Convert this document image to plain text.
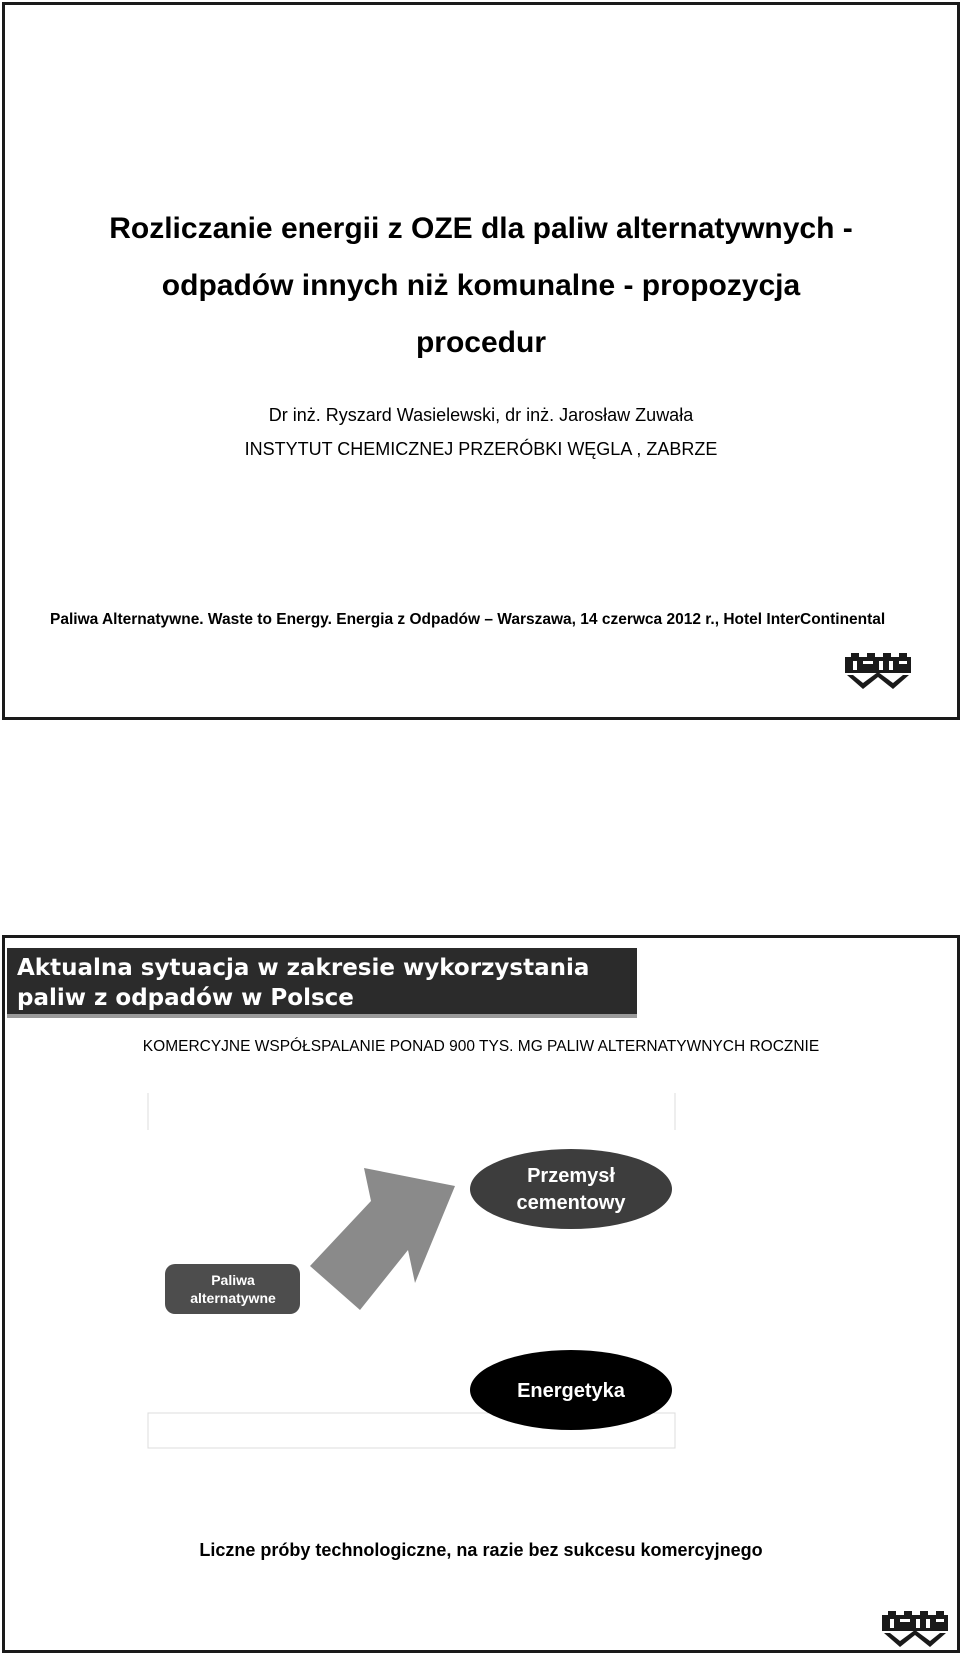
Rozliczanie energii z OZE dla paliw alternatywnych -
odpadów innych niż komunalne - propozycja
procedur
Dr inż. Ryszard Wasielewski, dr inż. Jarosław Zuwała
INSTYTUT CHEMICZNEJ PRZERÓBKI WĘGLA , ZABRZE
Paliwa Alternatywne. Waste to Energy. Energia z Odpadów – Warszawa, 14 czerwca 2012 r., Hotel InterContinental
Aktualna sytuacja w zakresie wykorzystania
paliw z odpadów w Polsce
KOMERCYJNE WSPÓŁSPALANIE PONAD 900 TYS. MG PALIW ALTERNATYWNYCH ROCZNIE
Paliwa
alternatywne
Przemysł
cementowy
Energetyka
Liczne próby technologiczne, na razie bez sukcesu komercyjnego
